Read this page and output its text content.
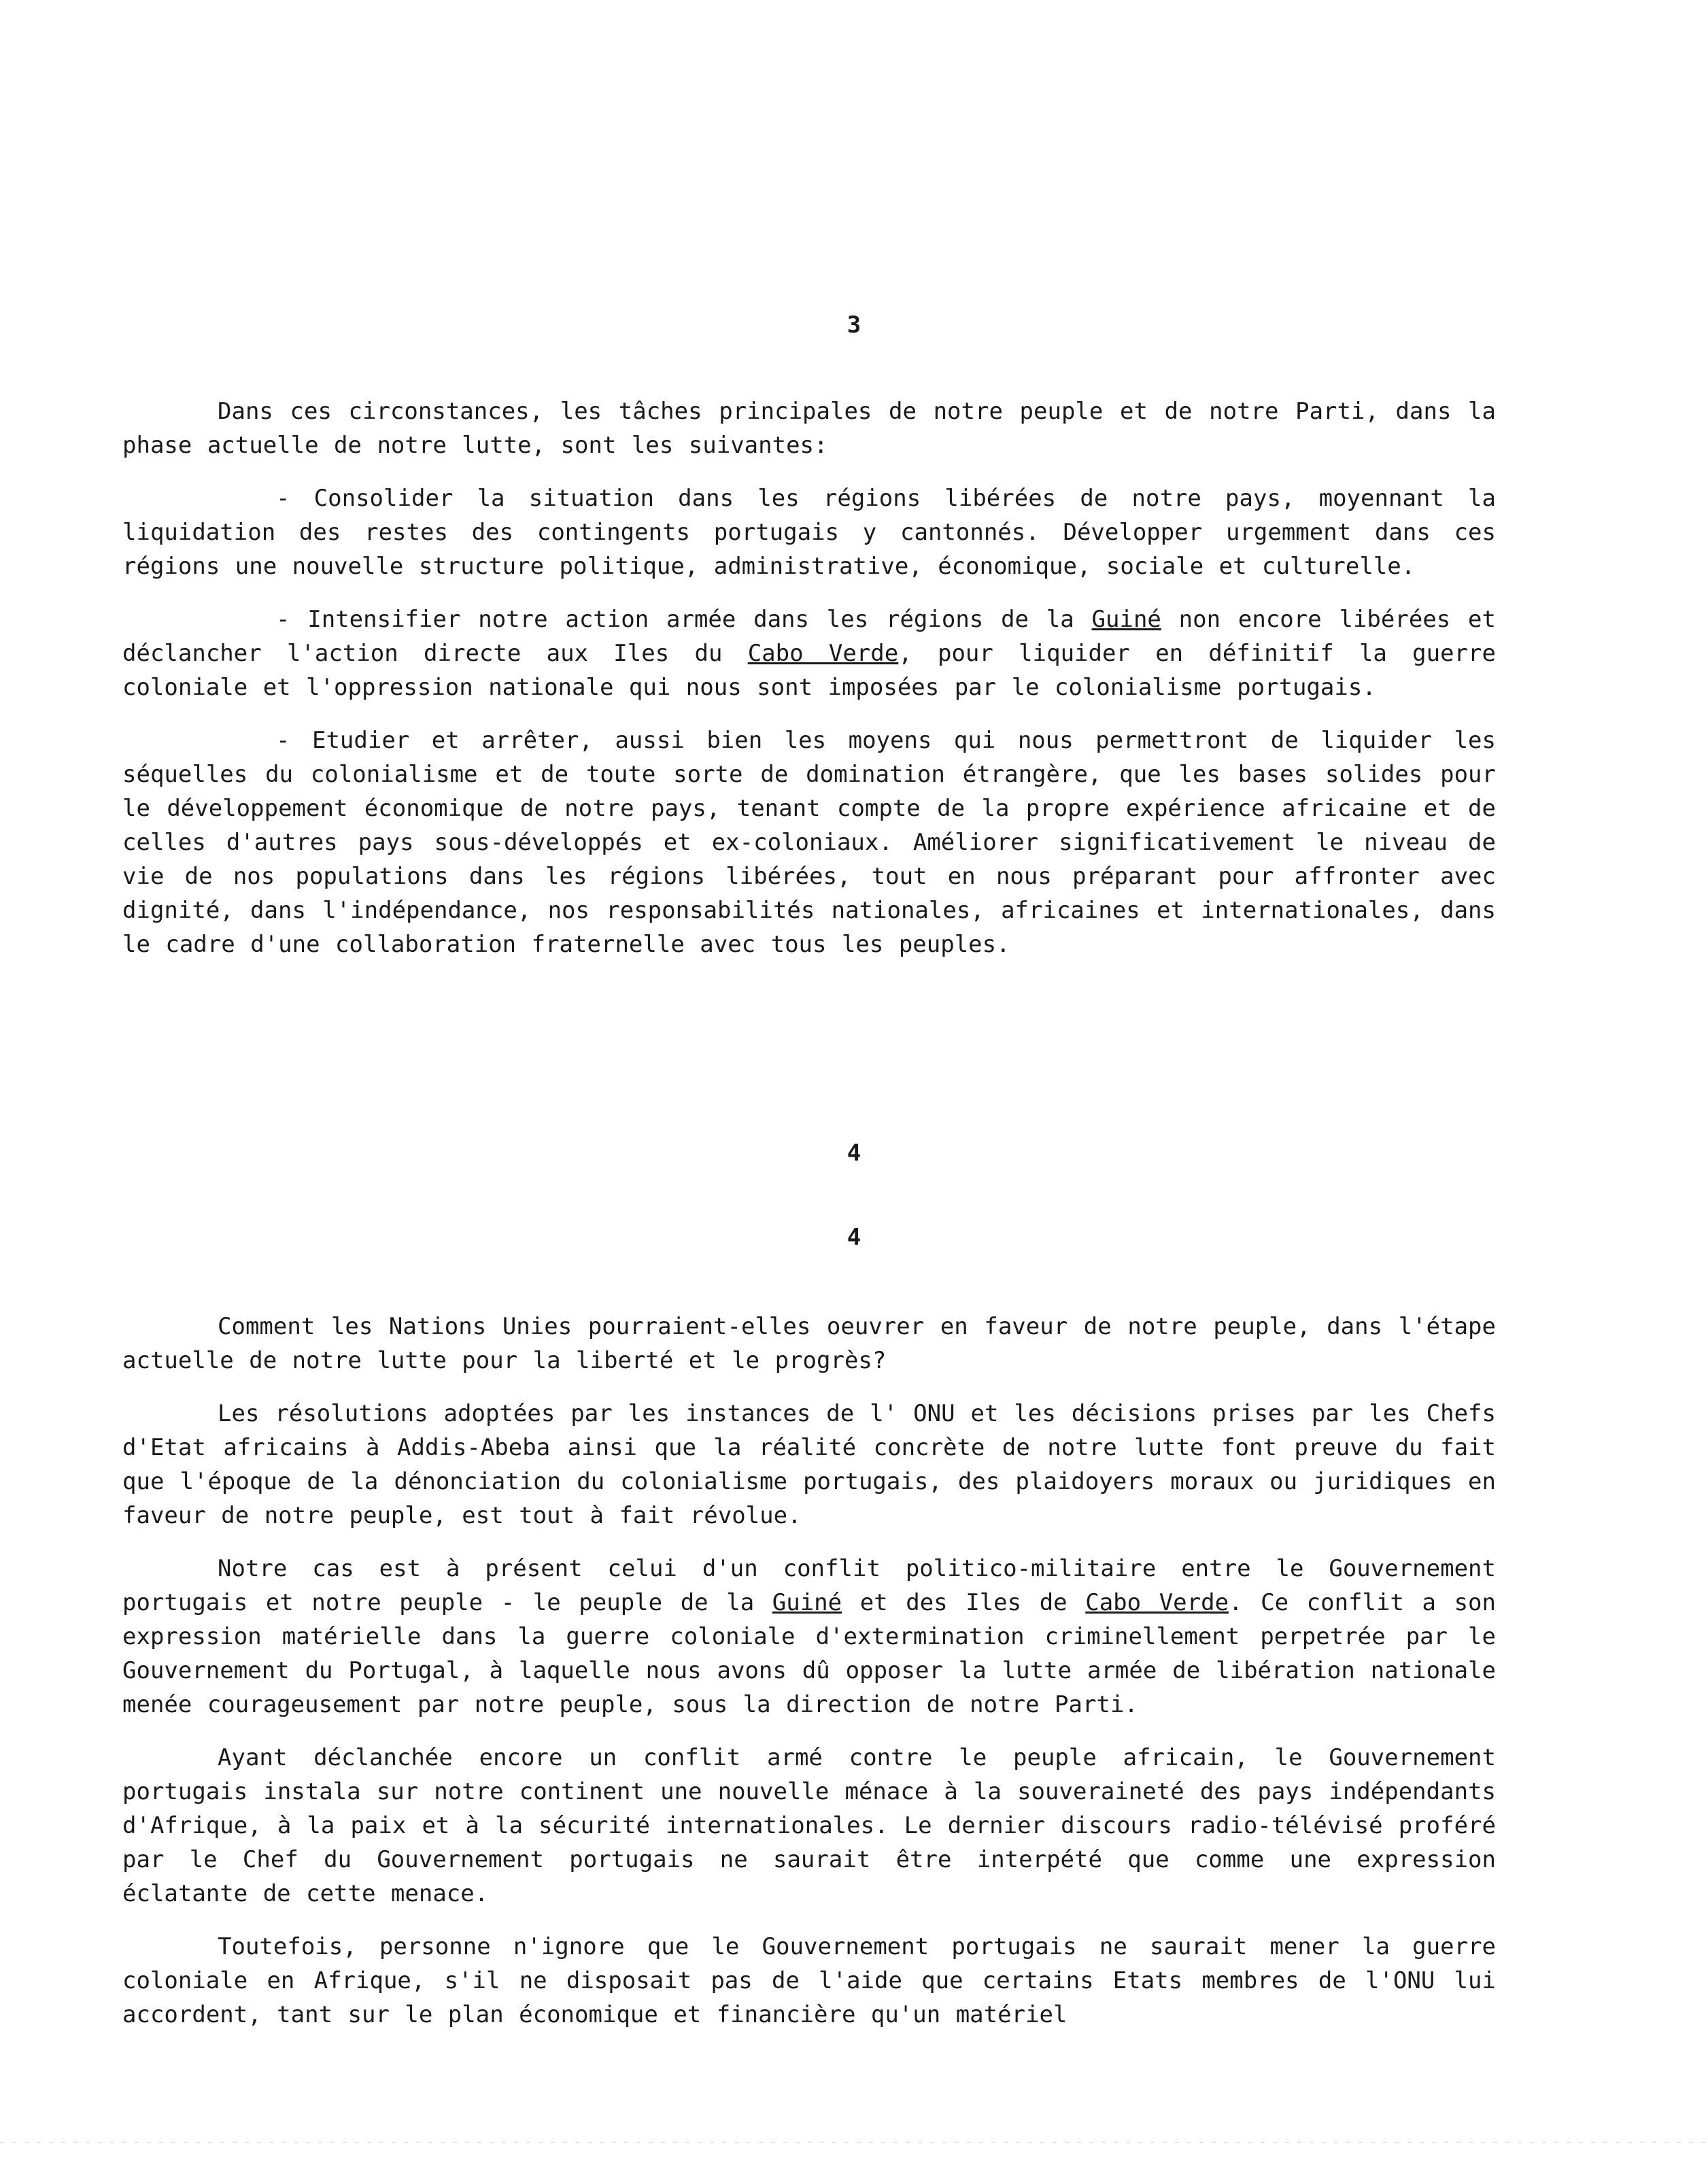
3

Dans ces circonstances, les tâches principales de notre peuple et de notre Parti, dans la phase actuelle de notre lutte, sont les suivantes:

- Consolider la situation dans les régions libérées de notre pays, moyennant la liquidation des restes des contingents portugais y cantonnés. Développer urgemment dans ces régions une nouvelle structure politique, administrative, économique, sociale et culturelle.

- Intensifier notre action armée dans les régions de la Guiné non encore libérées et déclancher l'action directe aux Iles du Cabo Verde, pour liquider en définitif la guerre coloniale et l'oppression nationale qui nous sont imposées par le colonialisme portugais.

- Etudier et arrêter, aussi bien les moyens qui nous permettront de liquider les séquelles du colonialisme et de toute sorte de domination étrangère, que les bases solides pour le développement économique de notre pays, tenant compte de la propre expérience africaine et de celles d'autres pays sous-développés et ex-coloniaux. Améliorer significativement le niveau de vie de nos populations dans les régions libérées, tout en nous préparant pour affronter avec dignité, dans l'indépendance, nos responsabilités nationales, africaines et internationales, dans le cadre d'une collaboration fraternelle avec tous les peuples.

4
4

Comment les Nations Unies pourraient-elles oeuvrer en faveur de notre peuple, dans l'étape actuelle de notre lutte pour la liberté et le progrès?

Les résolutions adoptées par les instances de l' ONU et les décisions prises par les Chefs d'Etat africains à Addis-Abeba ainsi que la réalité concrète de notre lutte font preuve du fait que l'époque de la dénonciation du colonialisme portugais, des plaidoyers moraux ou juridiques en faveur de notre peuple, est tout à fait révolue.

Notre cas est à présent celui d'un conflit politico-militaire entre le Gouvernement portugais et notre peuple - le peuple de la Guiné et des Iles de Cabo Verde. Ce conflit a son expression matérielle dans la guerre coloniale d'extermination criminellement perpetrée par le Gouvernement du Portugal, à laquelle nous avons dû opposer la lutte armée de libération nationale menée courageusement par notre peuple, sous la direction de notre Parti.

Ayant déclanchée encore un conflit armé contre le peuple africain, le Gouvernement portugais instala sur notre continent une nouvelle ménace à la souveraineté des pays indépendants d'Afrique, à la paix et à la sécurité internationales. Le dernier discours radio-télévisé proféré par le Chef du Gouvernement portugais ne saurait être interpété que comme une expression éclatante de cette menace.

Toutefois, personne n'ignore que le Gouvernement portugais ne saurait mener la guerre coloniale en Afrique, s'il ne disposait pas de l'aide que certains Etats membres de l'ONU lui accordent, tant sur le plan économique et financière qu'un matériel
